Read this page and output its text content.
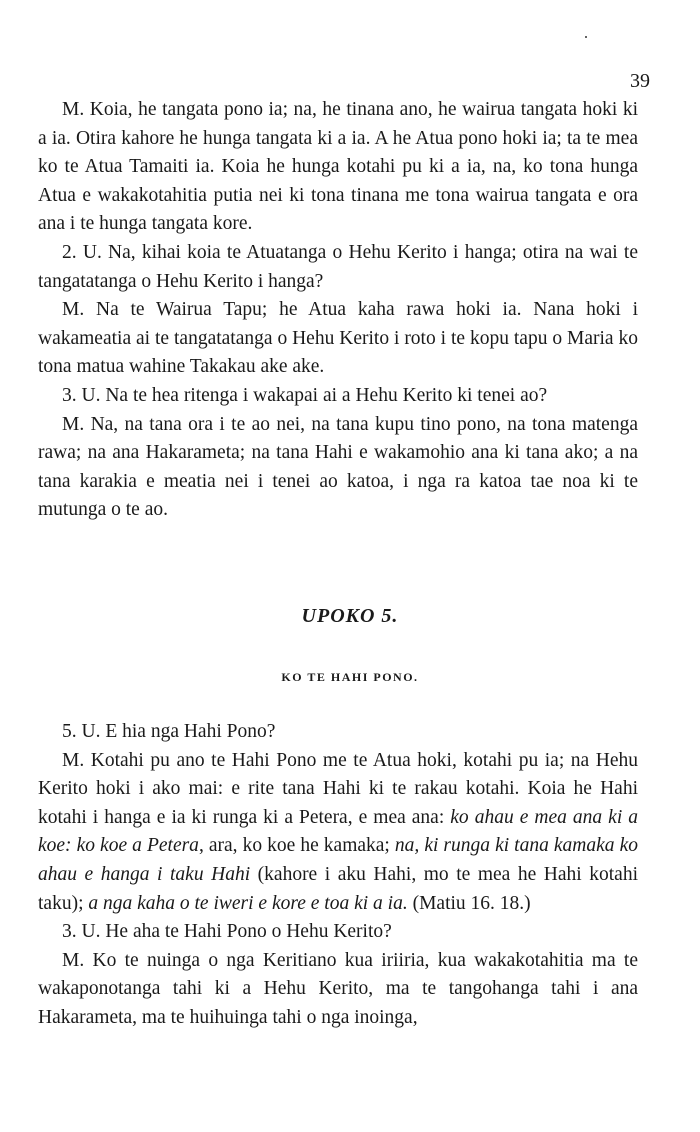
39

M. Koia, he tangata pono ia; na, he tinana ano, he wairua tangata hoki ki a ia. Otira kahore he hunga tangata ki a ia. A he Atua pono hoki ia; ta te mea ko te Atua Tamaiti ia. Koia he hunga kotahi pu ki a ia, na, ko tona hunga Atua e wakakotahitia putia nei ki tona tinana me tona wairua tangata e ora ana i te hunga tangata kore.

2. U. Na, kihai koia te Atuatanga o Hehu Kerito i hanga; otira na wai te tangatatanga o Hehu Kerito i hanga?

M. Na te Wairua Tapu; he Atua kaha rawa hoki ia. Nana hoki i wakameatia ai te tangatatanga o Hehu Kerito i roto i te kopu tapu o Maria ko tona matua wahine Takakau ake ake.

3. U. Na te hea ritenga i wakapai ai a Hehu Kerito ki tenei ao?

M. Na, na tana ora i te ao nei, na tana kupu tino pono, na tona matenga rawa; na ana Hakarameta; na tana Hahi e wakamohio ana ki tana ako; a na tana karakia e meatia nei i tenei ao katoa, i nga ra katoa tae noa ki te mutunga o te ao.

UPOKO 5.
KO TE HAHI PONO.

5. U. E hia nga Hahi Pono?

M. Kotahi pu ano te Hahi Pono me te Atua hoki, kotahi pu ia; na Hehu Kerito hoki i ako mai: e rite tana Hahi ki te rakau kotahi. Koia he Hahi kotahi i hanga e ia ki runga ki a Petera, e mea ana: ko ahau e mea ana ki a koe: ko koe a Petera, ara, ko koe he kamaka; na, ki runga ki tana kamaka ko ahau e hanga i taku Hahi (kahore i aku Hahi, mo te mea he Hahi kotahi taku); a nga kaha o te iweri e kore e toa ki a ia. (Matiu 16. 18.)

3. U. He aha te Hahi Pono o Hehu Kerito?

M. Ko te nuinga o nga Keritiano kua iriiria, kua wakakotahitia ma te wakaponotanga tahi ki a Hehu Kerito, ma te tangohanga tahi i ana Hakarameta, ma te huihuinga tahi o nga inoinga,
